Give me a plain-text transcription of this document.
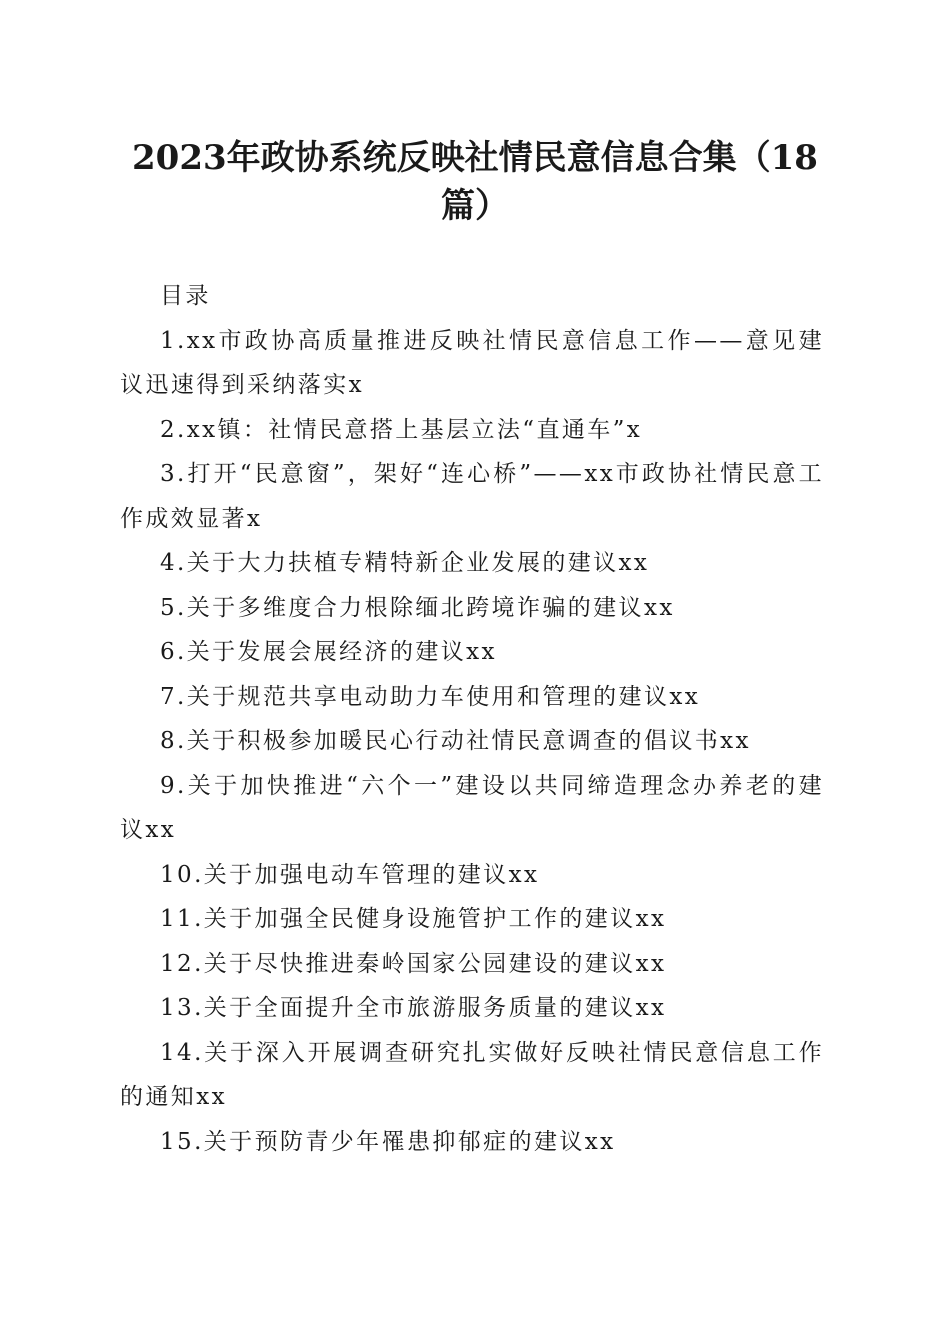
2023年政协系统反映社情民意信息合集（18篇）
目录
1.xx市政协高质量推进反映社情民意信息工作——意见建议迅速得到采纳落实x
2.xx镇：社情民意搭上基层立法“直通车”x
3.打开“民意窗”，架好“连心桥”——xx市政协社情民意工作成效显著x
4.关于大力扶植专精特新企业发展的建议xx
5.关于多维度合力根除缅北跨境诈骗的建议xx
6.关于发展会展经济的建议xx
7.关于规范共享电动助力车使用和管理的建议xx
8.关于积极参加暖民心行动社情民意调查的倡议书xx
9.关于加快推进“六个一”建设以共同缔造理念办养老的建议xx
10.关于加强电动车管理的建议xx
11.关于加强全民健身设施管护工作的建议xx
12.关于尽快推进秦岭国家公园建设的建议xx
13.关于全面提升全市旅游服务质量的建议xx
14.关于深入开展调查研究扎实做好反映社情民意信息工作的通知xx
15.关于预防青少年罹患抑郁症的建议xx
